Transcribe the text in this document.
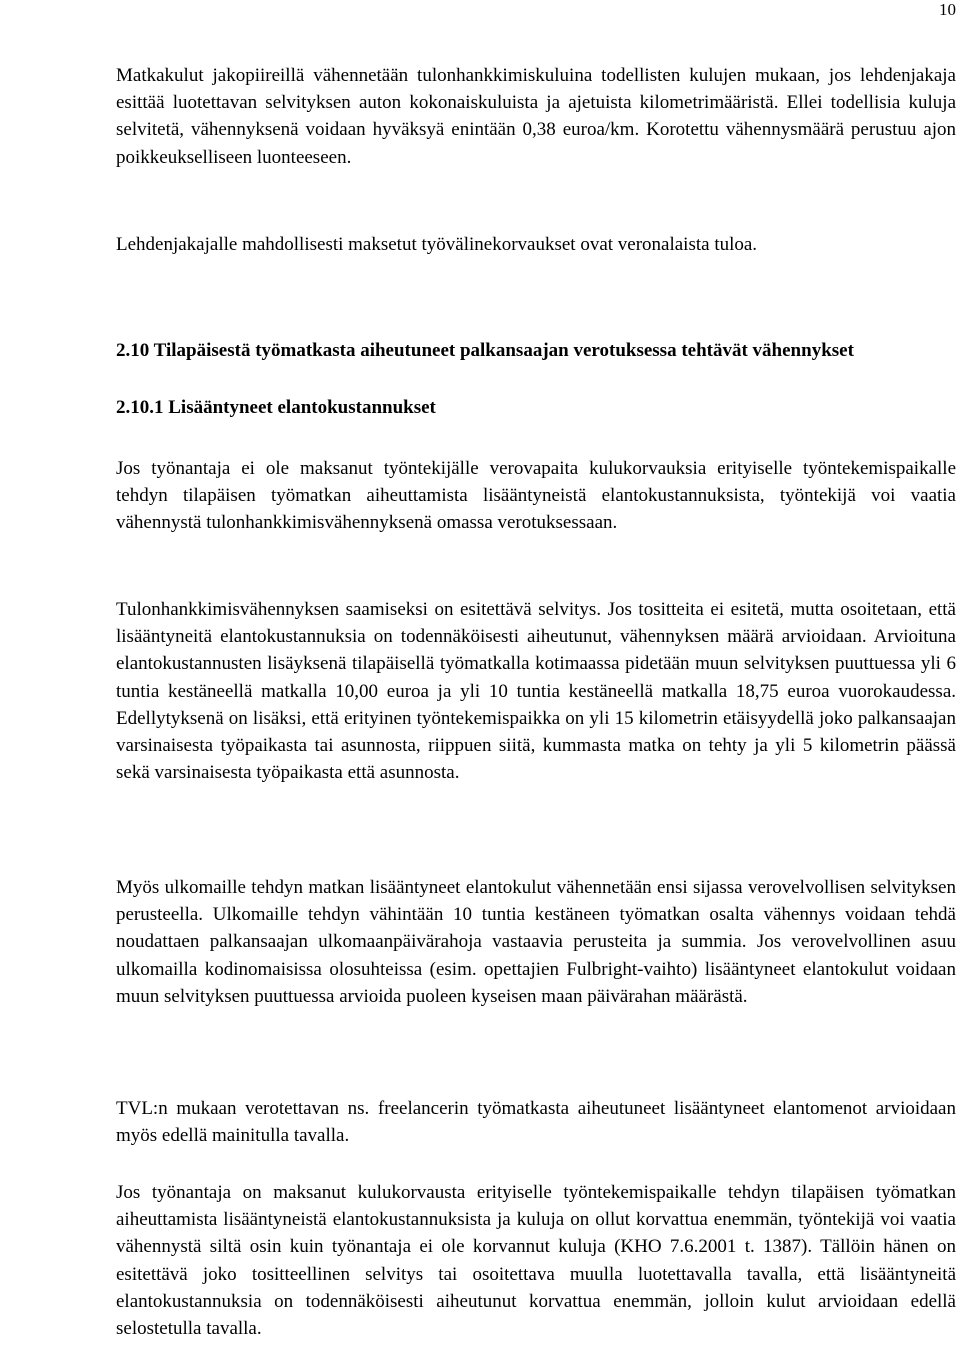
10

Matkakulut jakopiireillä vähennetään tulonhankkimiskuluina todellisten kulujen mukaan, jos lehdenjakaja esittää luotettavan selvityksen auton kokonaiskuluista ja ajetuista kilometrimääristä. Ellei todellisia kuluja selvitetä, vähennyksenä voidaan hyväksyä enintään 0,38 euroa/km. Korotettu vähennysmäärä perustuu ajon poikkeukselliseen luonteeseen.

Lehdenjakajalle mahdollisesti maksetut työvälinekorvaukset ovat veronalaista tuloa.

2.10 Tilapäisestä työmatkasta aiheutuneet palkansaajan verotuksessa tehtävät vähennykset
2.10.1 Lisääntyneet elantokustannukset

Jos työnantaja ei ole maksanut työntekijälle verovapaita kulukorvauksia erityiselle työntekemispaikalle tehdyn tilapäisen työmatkan aiheuttamista lisääntyneistä elantokustannuksista, työntekijä voi vaatia vähennystä tulonhankkimisvähennyksenä omassa verotuksessaan.

Tulonhankkimisvähennyksen saamiseksi on esitettävä selvitys. Jos tositteita ei esitetä, mutta osoitetaan, että lisääntyneitä elantokustannuksia on todennäköisesti aiheutunut, vähennyksen määrä arvioidaan. Arvioituna elantokustannusten lisäyksenä tilapäisellä työmatkalla kotimaassa pidetään muun selvityksen puuttuessa yli 6 tuntia kestäneellä matkalla 10,00 euroa ja yli 10 tuntia kestäneellä matkalla 18,75 euroa vuorokaudessa. Edellytyksenä on lisäksi, että erityinen työntekemispaikka on yli 15 kilometrin etäisyydellä joko palkansaajan varsinaisesta työpaikasta tai asunnosta, riippuen siitä, kummasta matka on tehty ja yli 5 kilometrin päässä sekä varsinaisesta työpaikasta että asunnosta.

Myös ulkomaille tehdyn matkan lisääntyneet elantokulut vähennetään ensi sijassa verovelvollisen selvityksen perusteella. Ulkomaille tehdyn vähintään 10 tuntia kestäneen työmatkan osalta vähennys voidaan tehdä noudattaen palkansaajan ulkomaanpäivärahoja vastaavia perusteita ja summia. Jos verovelvollinen asuu ulkomailla kodinomaisissa olosuhteissa (esim. opettajien Fulbright-vaihto) lisääntyneet elantokulut voidaan muun selvityksen puuttuessa arvioida puoleen kyseisen maan päivärahan määrästä.

TVL:n mukaan verotettavan ns. freelancerin työmatkasta aiheutuneet lisääntyneet elantomenot arvioidaan myös edellä mainitulla tavalla.

Jos työnantaja on maksanut kulukorvausta erityiselle työntekemispaikalle tehdyn tilapäisen työmatkan aiheuttamista lisääntyneistä elantokustannuksista ja kuluja on ollut korvattua enemmän, työntekijä voi vaatia vähennystä siltä osin kuin työnantaja ei ole korvannut kuluja (KHO 7.6.2001 t. 1387). Tällöin hänen on esitettävä joko tositteellinen selvitys tai osoitettava muulla luotettavalla tavalla, että lisääntyneitä elantokustannuksia on todennäköisesti aiheutunut korvattua enemmän, jolloin kulut arvioidaan edellä selostetulla tavalla.
